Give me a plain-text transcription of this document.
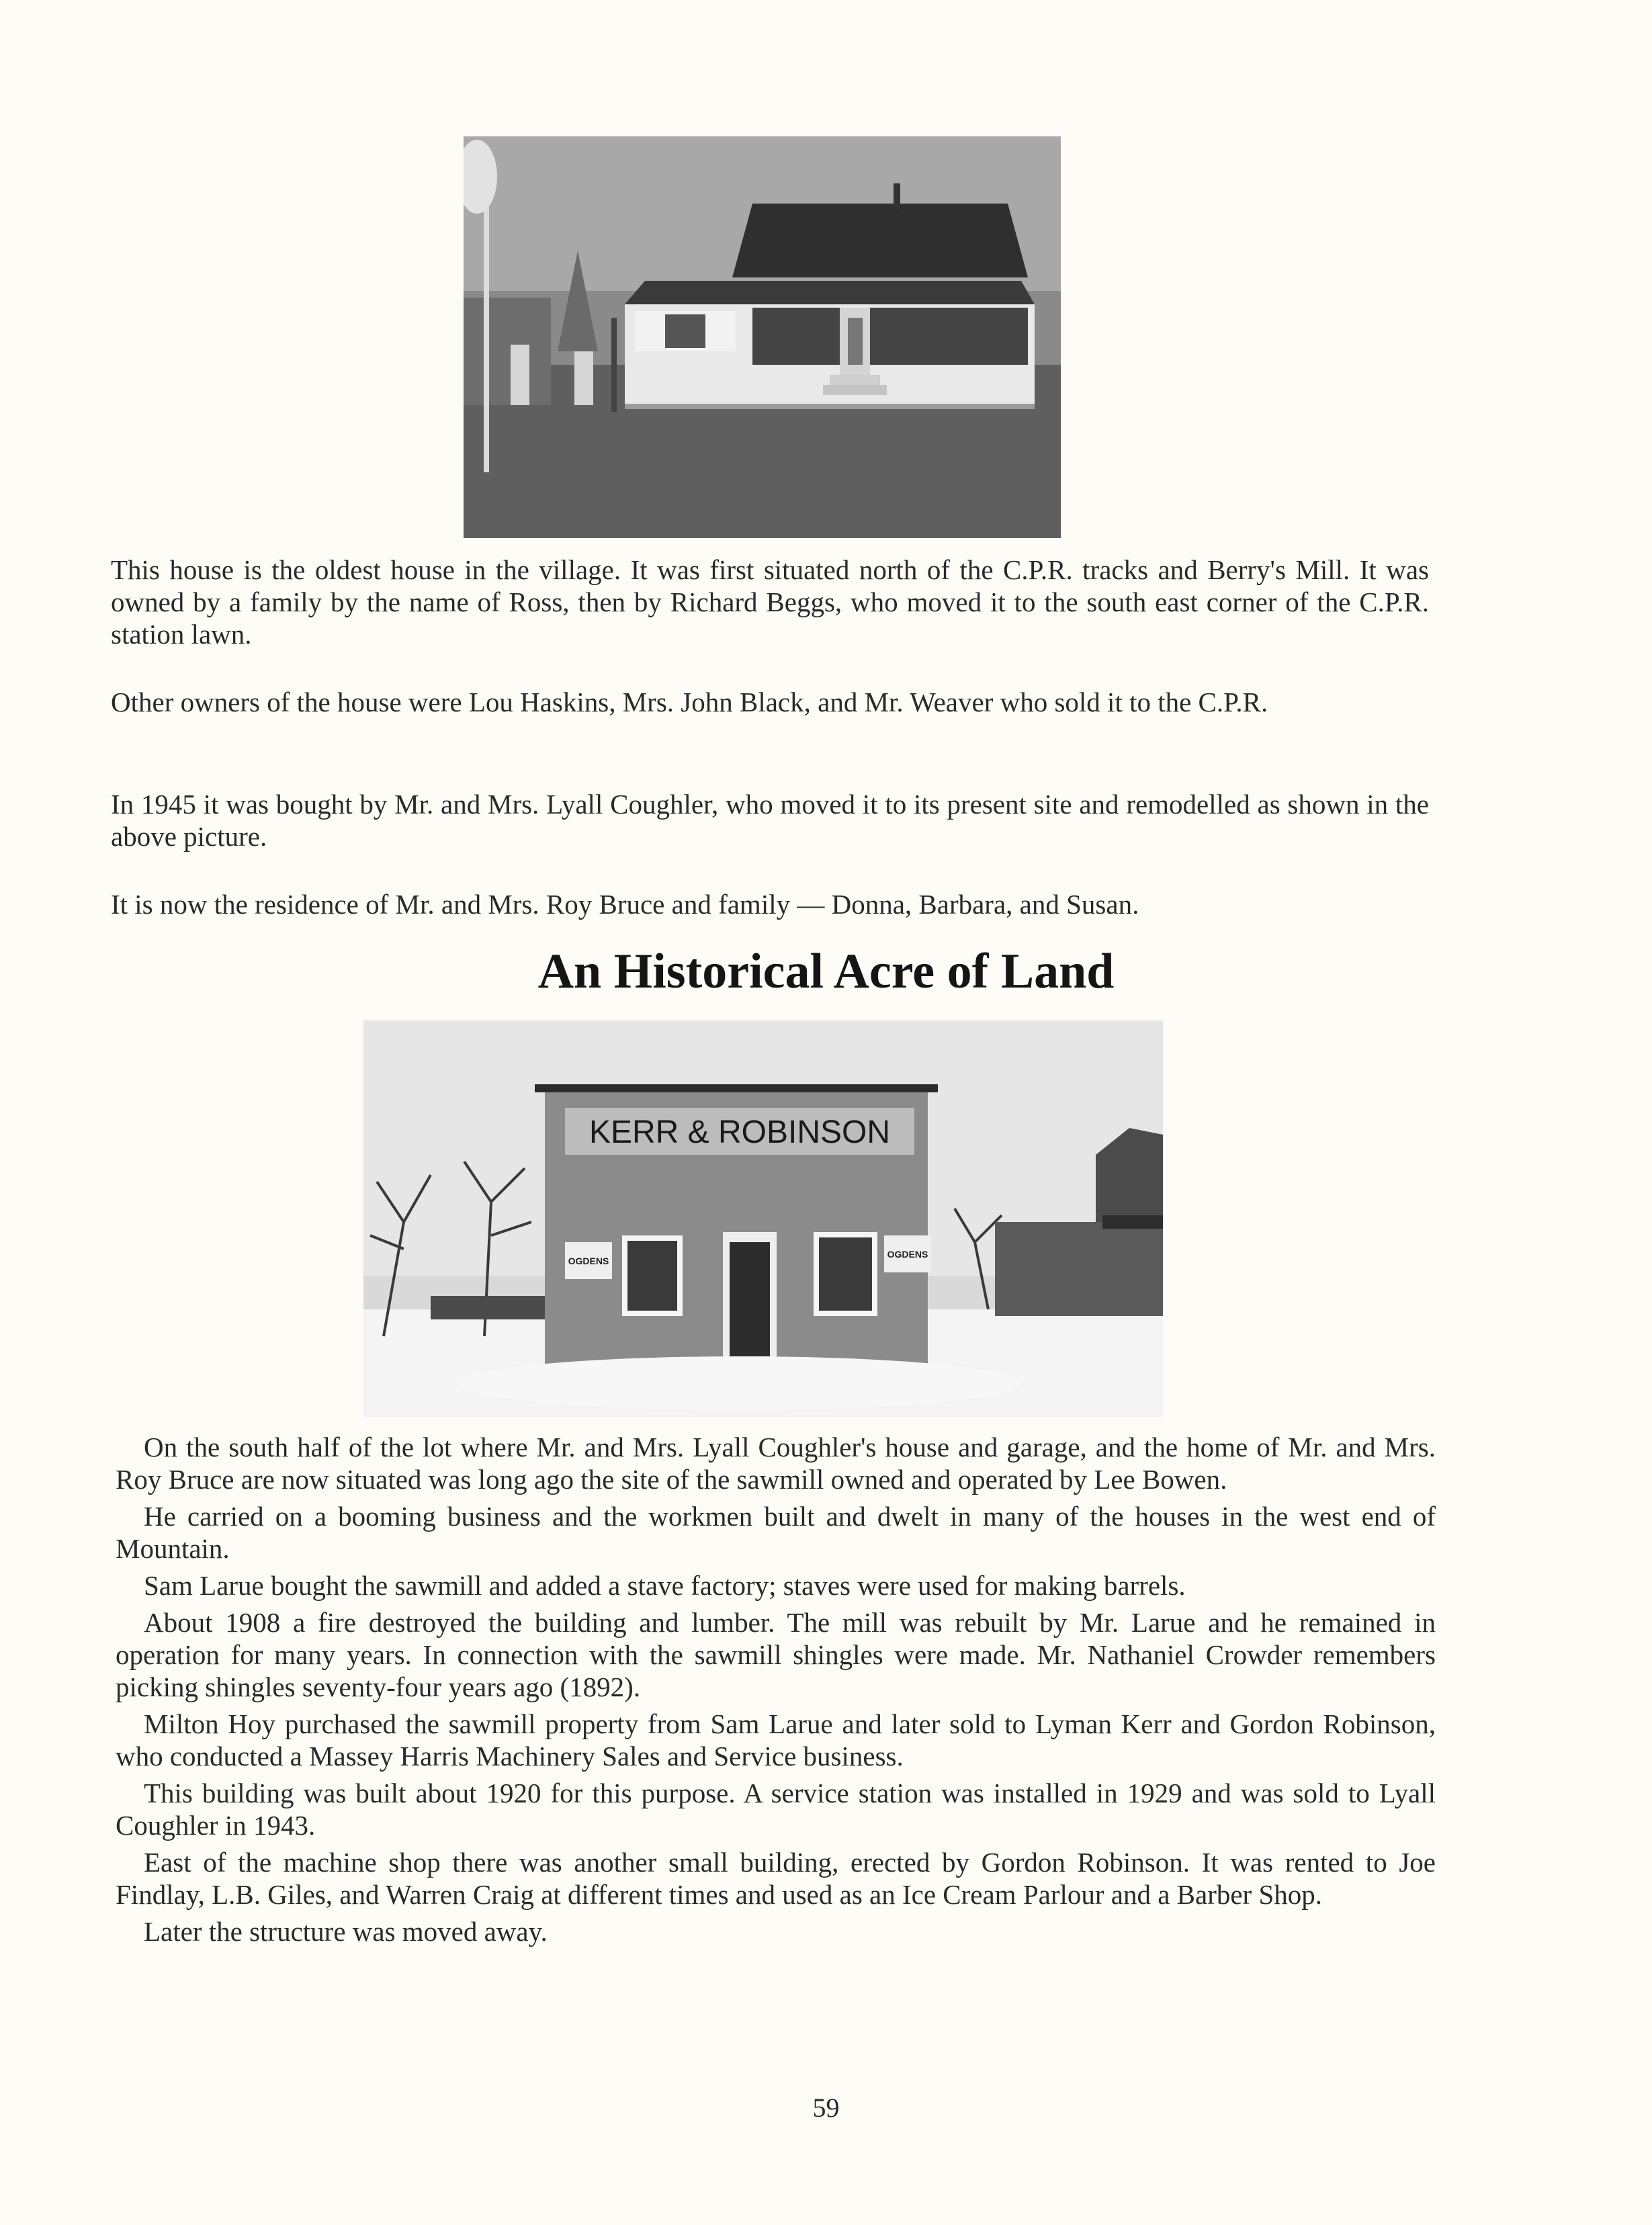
This house is the oldest house in the village. It was first situated north of the C.P.R. tracks and Berry's Mill. It was owned by a family by the name of Ross, then by Richard Beggs, who moved it to the south east corner of the C.P.R. station lawn.

Other owners of the house were Lou Haskins, Mrs. John Black, and Mr. Weaver who sold it to the C.P.R.

In 1945 it was bought by Mr. and Mrs. Lyall Coughler, who moved it to its present site and remodelled as shown in the above picture.

It is now the residence of Mr. and Mrs. Roy Bruce and family — Donna, Barbara, and Susan.

An Historical Acre of Land
KERR & ROBINSON
OGDENS
OGDENS

On the south half of the lot where Mr. and Mrs. Lyall Coughler's house and garage, and the home of Mr. and Mrs. Roy Bruce are now situated was long ago the site of the sawmill owned and operated by Lee Bowen.

He carried on a booming business and the workmen built and dwelt in many of the houses in the west end of Mountain.

Sam Larue bought the sawmill and added a stave factory; staves were used for making barrels.

About 1908 a fire destroyed the building and lumber. The mill was rebuilt by Mr. Larue and he remained in operation for many years. In connection with the sawmill shingles were made. Mr. Nathaniel Crowder remembers picking shingles seventy-four years ago (1892).

Milton Hoy purchased the sawmill property from Sam Larue and later sold to Lyman Kerr and Gordon Robinson, who conducted a Massey Harris Machinery Sales and Service business.

This building was built about 1920 for this purpose. A service station was installed in 1929 and was sold to Lyall Coughler in 1943.

East of the machine shop there was another small building, erected by Gordon Robinson. It was rented to Joe Findlay, L.B. Giles, and Warren Craig at different times and used as an Ice Cream Parlour and a Barber Shop.

Later the structure was moved away.

59
